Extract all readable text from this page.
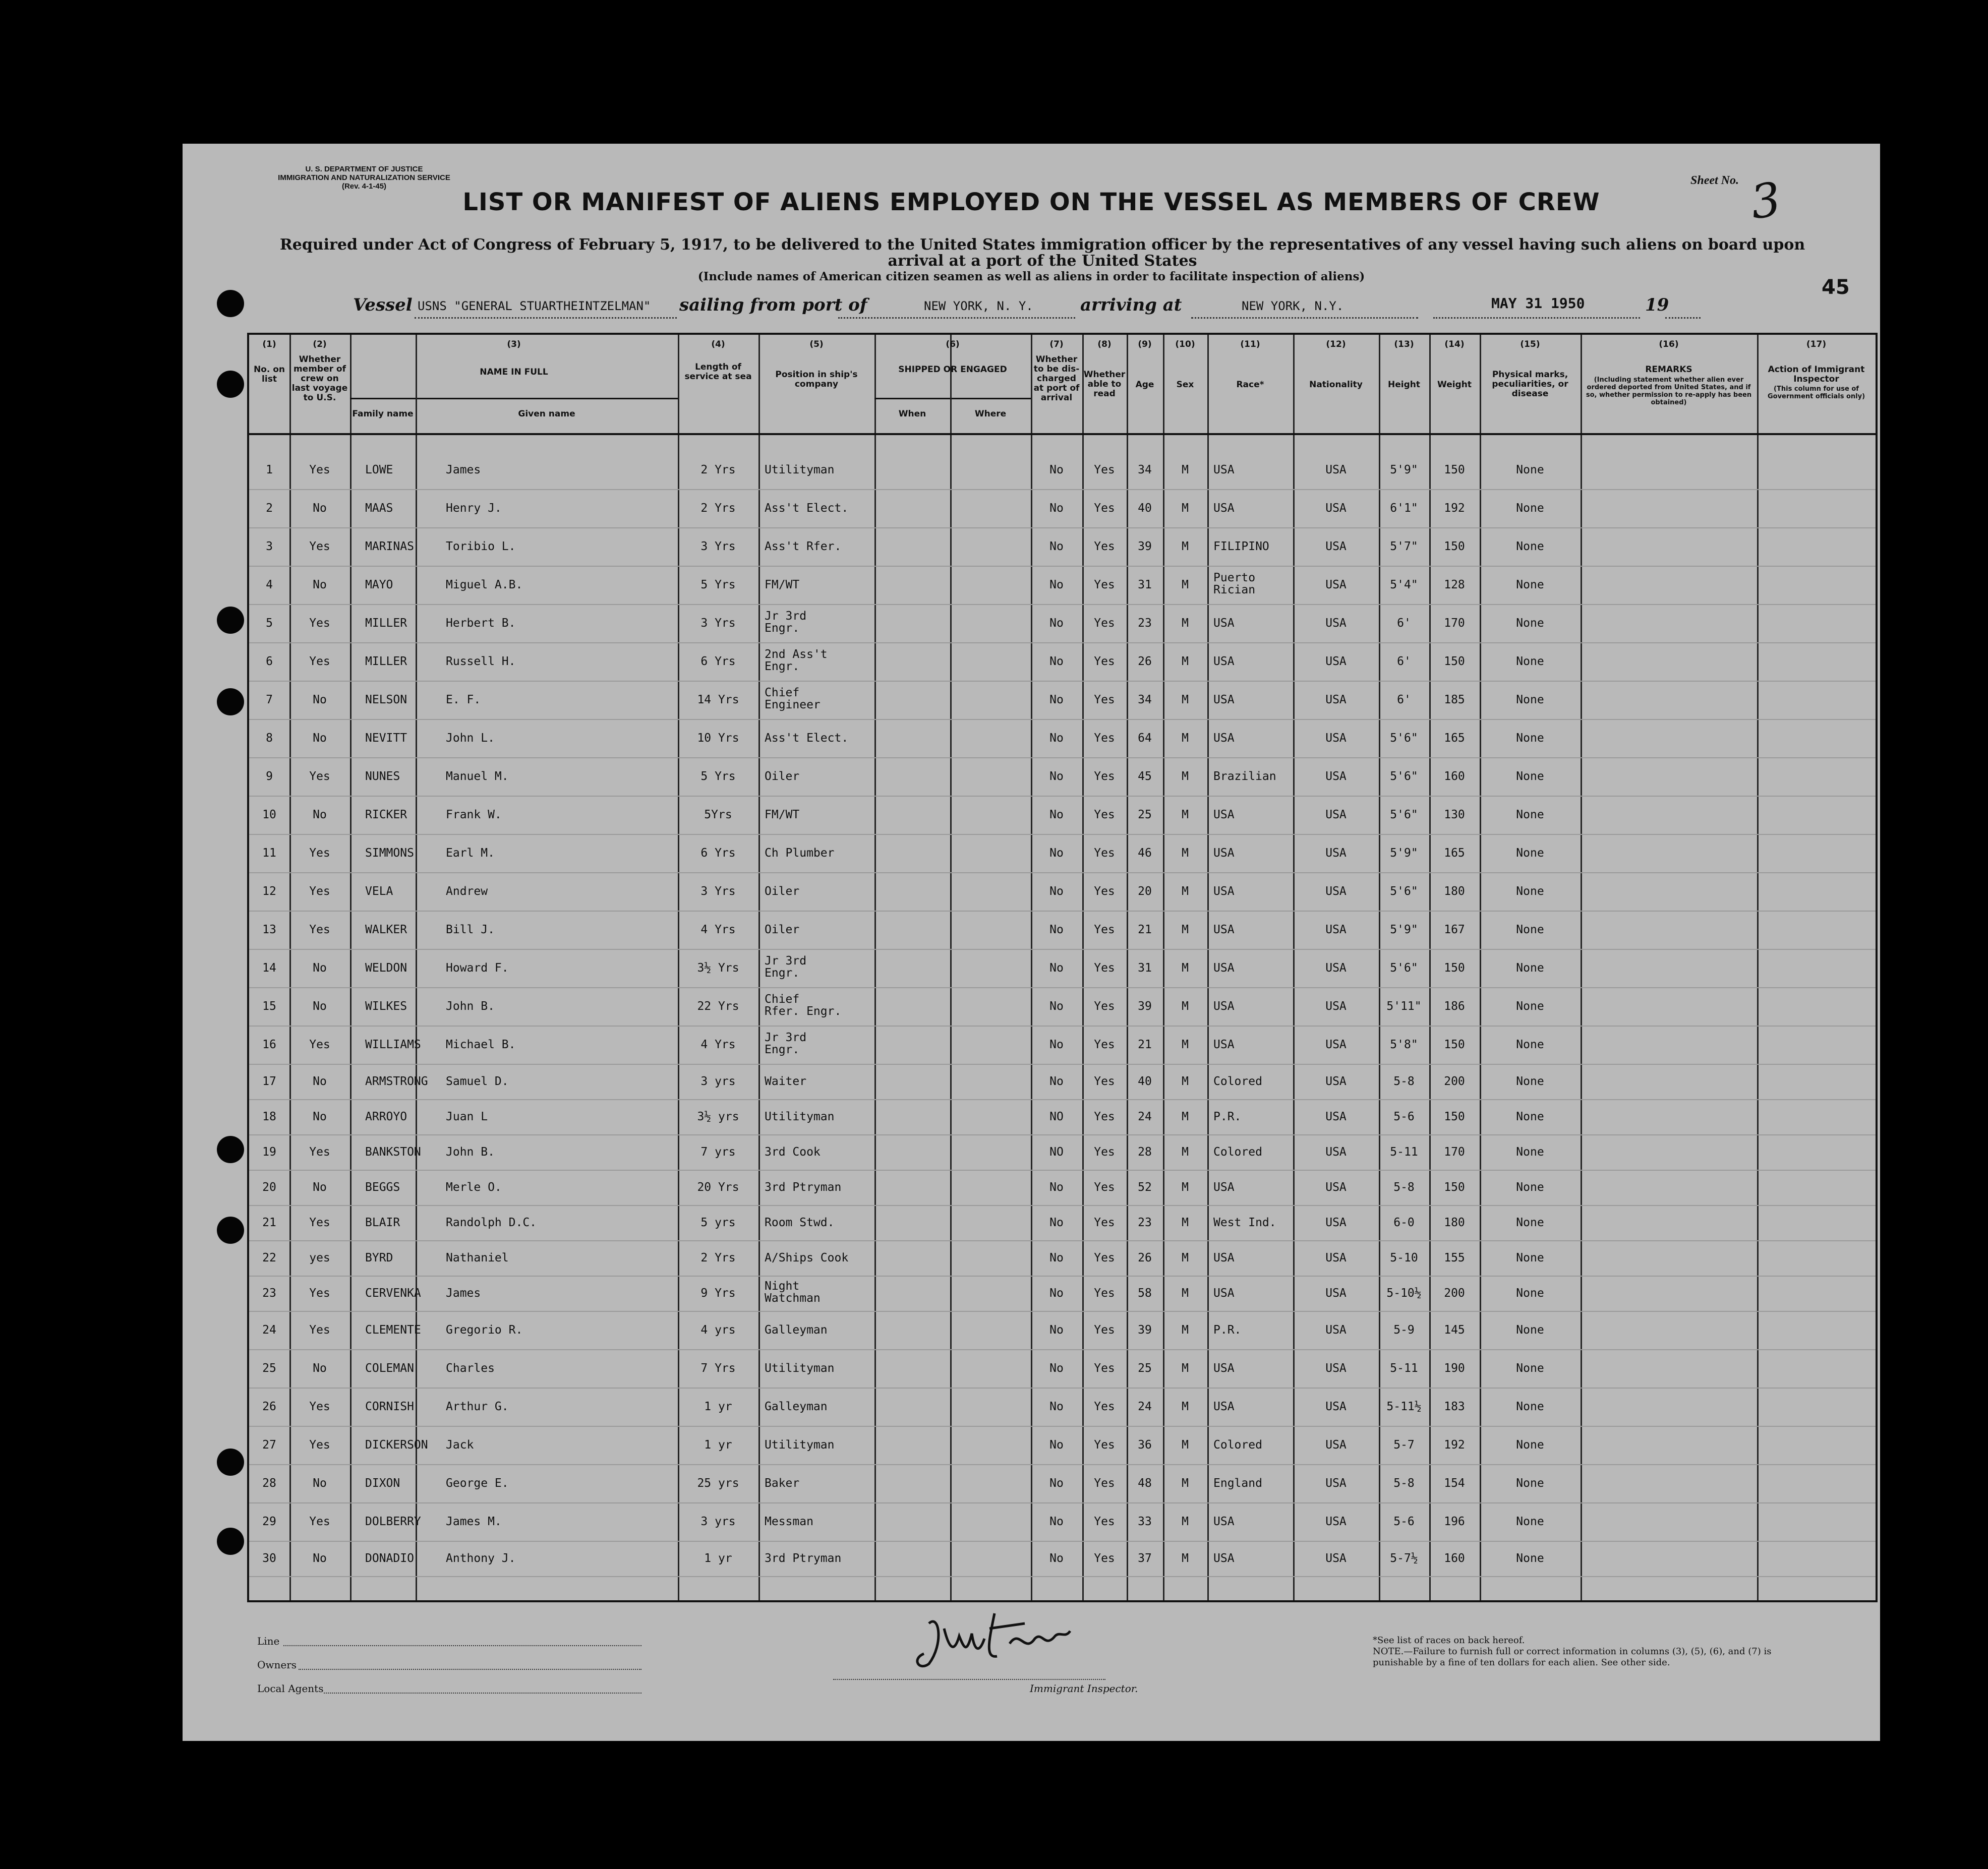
U. S. DEPARTMENT OF JUSTICE
IMMIGRATION AND NATURALIZATION SERVICE
(Rev. 4-1-45)	Sheet No. 3
45
LIST OR MANIFEST OF ALIENS EMPLOYED ON THE VESSEL AS MEMBERS OF CREW
Required under Act of Congress of February 5, 1917, to be delivered to the United States immigration officer by the representatives of any vessel having such aliens on board upon arrival at a port of the United States
(Include names of American citizen seamen as well as aliens in order to facilitate inspection of aliens)
Vessel USNS "GENERAL STUARTHEINTZELMAN" sailing from port of	NEW YORK, N. Y.	arriving at	NEW YORK, N.Y.	MAY 31 1950	19
(1)	(2)	(3)	(4)	(5)	(6)	(7)	(8)	(9)	(10)	(11)	(12)	(13)	(14)	(15)	(16)	(17)
No. on list
Whether member of crew on last voyage to U.S.
NAME IN FULL	Length of service at sea	Position in ship's company
SHIPPED OR ENGAGED
Whether to be dis-charged at port of arrival
Whether able to read
Age	Sex	Race*	Nationality	Height	Weight
Physical marks, peculiarities, or disease
REMARKS
(Including statement whether alien ever ordered deported from United States, and if so, whether permission to re-apply has been obtained)
Action of Immigrant Inspector
(This column for use of Government officials only)
Family name	Given name	When	Where
1	Yes	LOWE	James	2 Yrs	Utilityman	No	Yes	34	M	USA	USA	5'9"	150	None
2	No	MAAS	Henry J.	2 Yrs	Ass't Elect.	No	Yes	40	M	USA	USA	6'1"	192	None
3	Yes	MARINAS	Toribio L.	3 Yrs	Ass't Rfer.	No	Yes	39	M	FILIPINO	USA	5'7"	150	None
4	No	MAYO	Miguel A.B.	5 Yrs	FM/WT	No	Yes	31	M
Puerto
Rician	USA	5'4"	128	None
5	Yes	MILLER	Herbert B.	3 Yrs
Jr 3rd
Engr.	No	Yes	23	M	USA	USA	6'	170	None
6	Yes	MILLER	Russell H.	6 Yrs
2nd Ass't
Engr.	No	Yes	26	M	USA	USA	6'	150	None
7	No	NELSON	E. F.	14 Yrs
Chief
Engineer	No	Yes	34	M	USA	USA	6'	185	None
8	No	NEVITT	John L.	10 Yrs	Ass't Elect.	No	Yes	64	M	USA	USA	5'6"	165	None
9	Yes	NUNES	Manuel M.	5 Yrs	Oiler	No	Yes	45	M	Brazilian	USA	5'6"	160	None
10	No	RICKER	Frank W.	5Yrs	FM/WT	No	Yes	25	M	USA	USA	5'6"	130	None
11	Yes	SIMMONS	Earl M.	6 Yrs	Ch Plumber	No	Yes	46	M	USA	USA	5'9"	165	None
12	Yes	VELA	Andrew	3 Yrs	Oiler	No	Yes	20	M	USA	USA	5'6"	180	None
13	Yes	WALKER	Bill J.	4 Yrs	Oiler	No	Yes	21	M	USA	USA	5'9"	167	None
14	No	WELDON	Howard F.	3½ Yrs
Jr 3rd
Engr.	No	Yes	31	M	USA	USA	5'6"	150	None
15	No	WILKES	John B.	22 Yrs
Chief
Rfer. Engr.	No	Yes	39	M	USA	USA	5'11"	186	None
16	Yes	WILLIAMS	Michael B.	4 Yrs
Jr 3rd
Engr.	No	Yes	21	M	USA	USA	5'8"	150	None
17	No	ARMSTRONG	Samuel D.	3 yrs	Waiter	No	Yes	40	M	Colored	USA	5-8	200	None
18	No	ARROYO	Juan L	3½ yrs	Utilityman	NO	Yes	24	M	P.R.	USA	5-6	150	None
19	Yes	BANKSTON	John B.	7 yrs	3rd Cook	NO	Yes	28	M	Colored	USA	5-11	170	None
20	No	BEGGS	Merle O.	20 Yrs	3rd Ptryman	No	Yes	52	M	USA	USA	5-8	150	None
21	Yes	BLAIR	Randolph D.C.	5 yrs	Room Stwd.	No	Yes	23	M	West Ind.	USA	6-0	180	None
22	yes	BYRD	Nathaniel	2 Yrs	A/Ships Cook	No	Yes	26	M	USA	USA	5-10	155	None
23	Yes	CERVENKA	James	9 Yrs
Night
Watchman	No	Yes	58	M	USA	USA	5-10½	200	None
24	Yes	CLEMENTE	Gregorio R.	4 yrs	Galleyman	No	Yes	39	M	P.R.	USA	5-9	145	None
25	No	COLEMAN	Charles	7 Yrs	Utilityman	No	Yes	25	M	USA	USA	5-11	190	None
26	Yes	CORNISH	Arthur G.	1 yr	Galleyman	No	Yes	24	M	USA	USA	5-11½	183	None
27	Yes	DICKERSON	Jack	1 yr	Utilityman	No	Yes	36	M	Colored	USA	5-7	192	None
28	No	DIXON	George E.	25 yrs	Baker	No	Yes	48	M	England	USA	5-8	154	None
29	Yes	DOLBERRY	James M.	3 yrs	Messman	No	Yes	33	M	USA	USA	5-6	196	None
30	No	DONADIO	Anthony J.	1 yr	3rd Ptryman	No	Yes	37	M	USA	USA	5-7½	160	None
Line
Owners
Local Agents	Immigrant Inspector.
*See list of races on back hereof.
NOTE.—Failure to furnish full or correct information in columns (3), (5), (6), and (7) is punishable by a fine of ten dollars for each alien. See other side.
